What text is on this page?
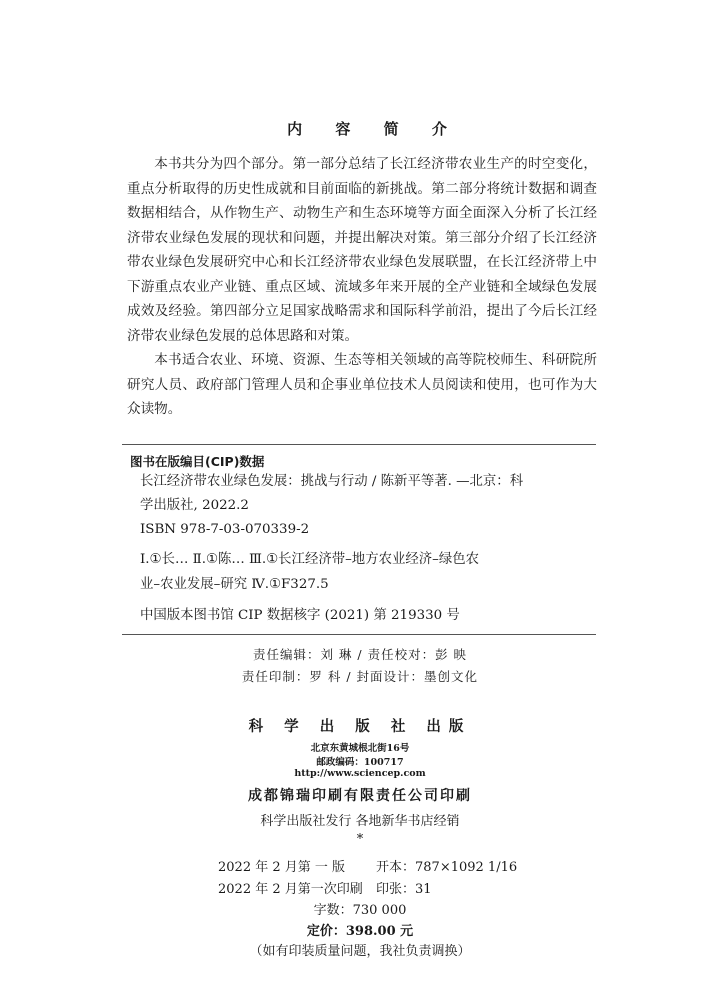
内 容 简 介

本书共分为四个部分。第一部分总结了长江经济带农业生产的时空变化，重点分析取得的历史性成就和目前面临的新挑战。第二部分将统计数据和调查数据相结合，从作物生产、动物生产和生态环境等方面全面深入分析了长江经济带农业绿色发展的现状和问题，并提出解决对策。第三部分介绍了长江经济带农业绿色发展研究中心和长江经济带农业绿色发展联盟，在长江经济带上中下游重点农业产业链、重点区域、流域多年来开展的全产业链和全域绿色发展成效及经验。第四部分立足国家战略需求和国际科学前沿，提出了今后长江经济带农业绿色发展的总体思路和对策。

本书适合农业、环境、资源、生态等相关领域的高等院校师生、科研院所研究人员、政府部门管理人员和企事业单位技术人员阅读和使用，也可作为大众读物。

图书在版编目(CIP)数据
长江经济带农业绿色发展：挑战与行动 / 陈新平等著. —北京：科
学出版社, 2022.2
ISBN 978-7-03-070339-2
Ⅰ.①长… Ⅱ.①陈… Ⅲ.①长江经济带–地方农业经济–绿色农
业–农业发展–研究 Ⅳ.①F327.5
中国版本图书馆 CIP 数据核字 (2021) 第 219330 号
责任编辑：刘 琳 / 责任校对：彭 映
责任印制：罗 科 / 封面设计：墨创文化
科 学 出 版 社 出版
北京东黄城根北街16号
邮政编码：100717
http://www.sciencep.com
成都锦瑞印刷有限责任公司印刷
科学出版社发行 各地新华书店经销
*
2022 年 2 月第 一 版 开本：787×1092 1/16
2022 年 2 月第一次印刷 印张：31
字数：730 000
定价：398.00 元
（如有印装质量问题，我社负责调换）
